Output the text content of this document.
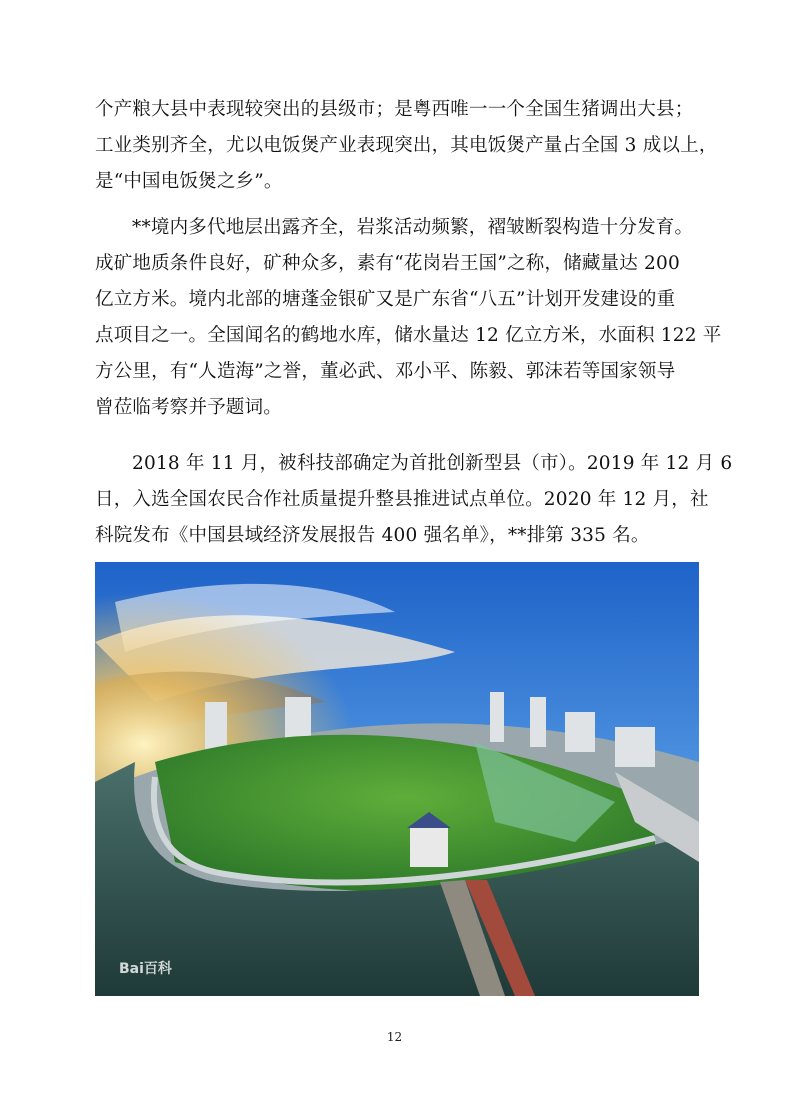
个产粮大县中表现较突出的县级市；是粤西唯一一个全国生猪调出大县；
工业类别齐全，尤以电饭煲产业表现突出，其电饭煲产量占全国 3 成以上，
是“中国电饭煲之乡”。
**境内多代地层出露齐全，岩浆活动频繁，褶皱断裂构造十分发育。
成矿地质条件良好，矿种众多，素有“花岗岩王国”之称，储藏量达 200
亿立方米。境内北部的塘蓬金银矿又是广东省“八五”计划开发建设的重
点项目之一。全国闻名的鹤地水库，储水量达 12 亿立方米，水面积 122 平
方公里，有“人造海”之誉，董必武、邓小平、陈毅、郭沫若等国家领导
曾莅临考察并予题词。
2018 年 11 月，被科技部确定为首批创新型县（市）。2019 年 12 月 6
日，入选全国农民合作社质量提升整县推进试点单位。2020 年 12 月，社
科院发布《中国县域经济发展报告 400 强名单》，**排第 335 名。
Bai百科
12
